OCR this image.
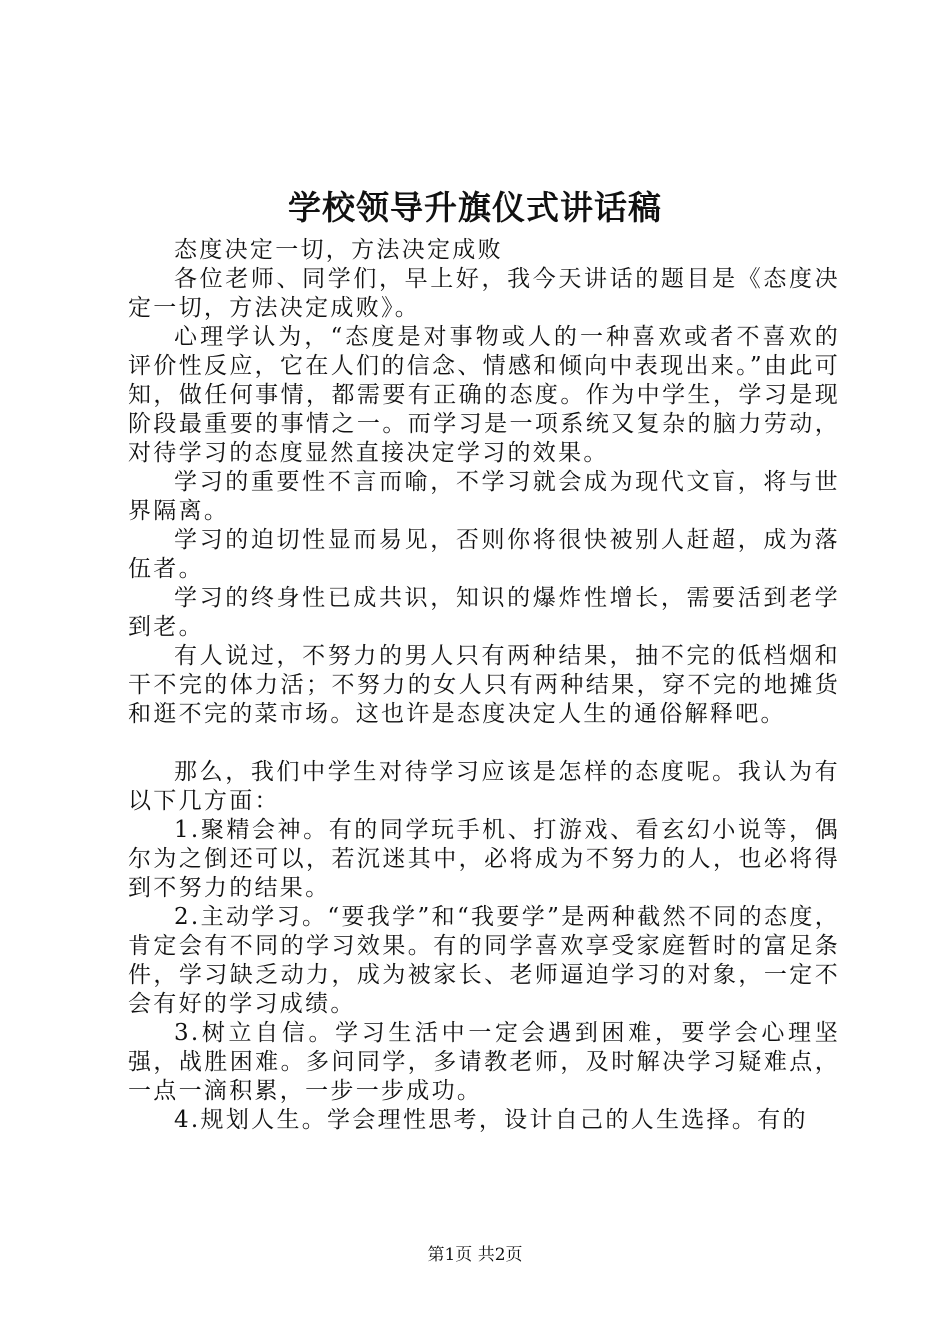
学校领导升旗仪式讲话稿

态度决定一切，方法决定成败

各位老师、同学们，早上好，我今天讲话的题目是《态度决定一切，方法决定成败》。

心理学认为，“态度是对事物或人的一种喜欢或者不喜欢的评价性反应，它在人们的信念、情感和倾向中表现出来。”由此可知，做任何事情，都需要有正确的态度。作为中学生，学习是现阶段最重要的事情之一。而学习是一项系统又复杂的脑力劳动，对待学习的态度显然直接决定学习的效果。

学习的重要性不言而喻，不学习就会成为现代文盲，将与世界隔离。

学习的迫切性显而易见，否则你将很快被别人赶超，成为落伍者。

学习的终身性已成共识，知识的爆炸性增长，需要活到老学到老。

有人说过，不努力的男人只有两种结果，抽不完的低档烟和干不完的体力活；不努力的女人只有两种结果，穿不完的地摊货和逛不完的菜市场。这也许是态度决定人生的通俗解释吧。

那么，我们中学生对待学习应该是怎样的态度呢。我认为有以下几方面：

1.聚精会神。有的同学玩手机、打游戏、看玄幻小说等，偶尔为之倒还可以，若沉迷其中，必将成为不努力的人，也必将得到不努力的结果。

2.主动学习。“要我学”和“我要学”是两种截然不同的态度，肯定会有不同的学习效果。有的同学喜欢享受家庭暂时的富足条件，学习缺乏动力，成为被家长、老师逼迫学习的对象，一定不会有好的学习成绩。

3.树立自信。学习生活中一定会遇到困难，要学会心理坚强，战胜困难。多问同学，多请教老师，及时解决学习疑难点，一点一滴积累，一步一步成功。

4.规划人生。学会理性思考，设计自己的人生选择。有的

第1页 共2页
